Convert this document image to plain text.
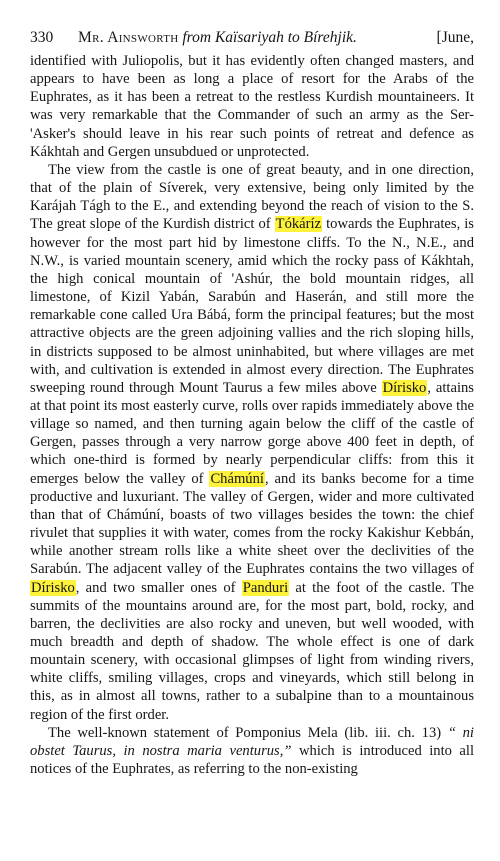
330	Mr. Ainsworth
from Kaïsariyah to Bírehjik.	[June,

identified with Juliopolis, but it has evidently often changed masters, and appears to have been as long a place of resort for the Arabs of the Euphrates, as it has been a retreat to the restless Kurdish mountaineers. It was very remarkable that the Commander of such an army as the Ser-'Asker's should leave in his rear such points of retreat and defence as Kákhtah and Gergen unsubdued or unprotected.

The view from the castle is one of great beauty, and in one direction, that of the plain of Síverek, very extensive, being only limited by the Karájah Tágh to the E., and extending beyond the reach of vision to the S. The great slope of the Kurdish district of Tókáríz towards the Euphrates, is however for the most part hid by limestone cliffs. To the N., N.E., and N.W., is varied mountain scenery, amid which the rocky pass of Kákhtah, the high conical mountain of 'Ashúr, the bold mountain ridges, all limestone, of Kizil Yabán, Sarabún and Haserán, and still more the remarkable cone called Ura Bábá, form the principal features; but the most attractive objects are the green adjoining vallies and the rich sloping hills, in districts supposed to be almost uninhabited, but where villages are met with, and cultivation is extended in almost every direction. The Euphrates sweeping round through Mount Taurus a few miles above Dírisko, attains at that point its most easterly curve, rolls over rapids immediately above the village so named, and then turning again below the cliff of the castle of Gergen, passes through a very narrow gorge above 400 feet in depth, of which one-third is formed by nearly perpendicular cliffs: from this it emerges below the valley of Chámúní, and its banks become for a time productive and luxuriant. The valley of Gergen, wider and more cultivated than that of Chámúní, boasts of two villages besides the town: the chief rivulet that supplies it with water, comes from the rocky Kakishur Kebbán, while another stream rolls like a white sheet over the declivities of the Sarabún. The adjacent valley of the Euphrates contains the two villages of Dírisko, and two smaller ones of Panduri at the foot of the castle. The summits of the mountains around are, for the most part, bold, rocky, and barren, the declivities are also rocky and uneven, but well wooded, with much breadth and depth of shadow. The whole effect is one of dark mountain scenery, with occasional glimpses of light from winding rivers, white cliffs, smiling villages, crops and vineyards, which still belong in this, as in almost all towns, rather to a subalpine than to a mountainous region of the first order.

The well-known statement of Pomponius Mela (lib. iii. ch. 13) “ ni obstet Taurus, in nostra maria venturus,” which is introduced into all notices of the Euphrates, as referring to the non-existing
